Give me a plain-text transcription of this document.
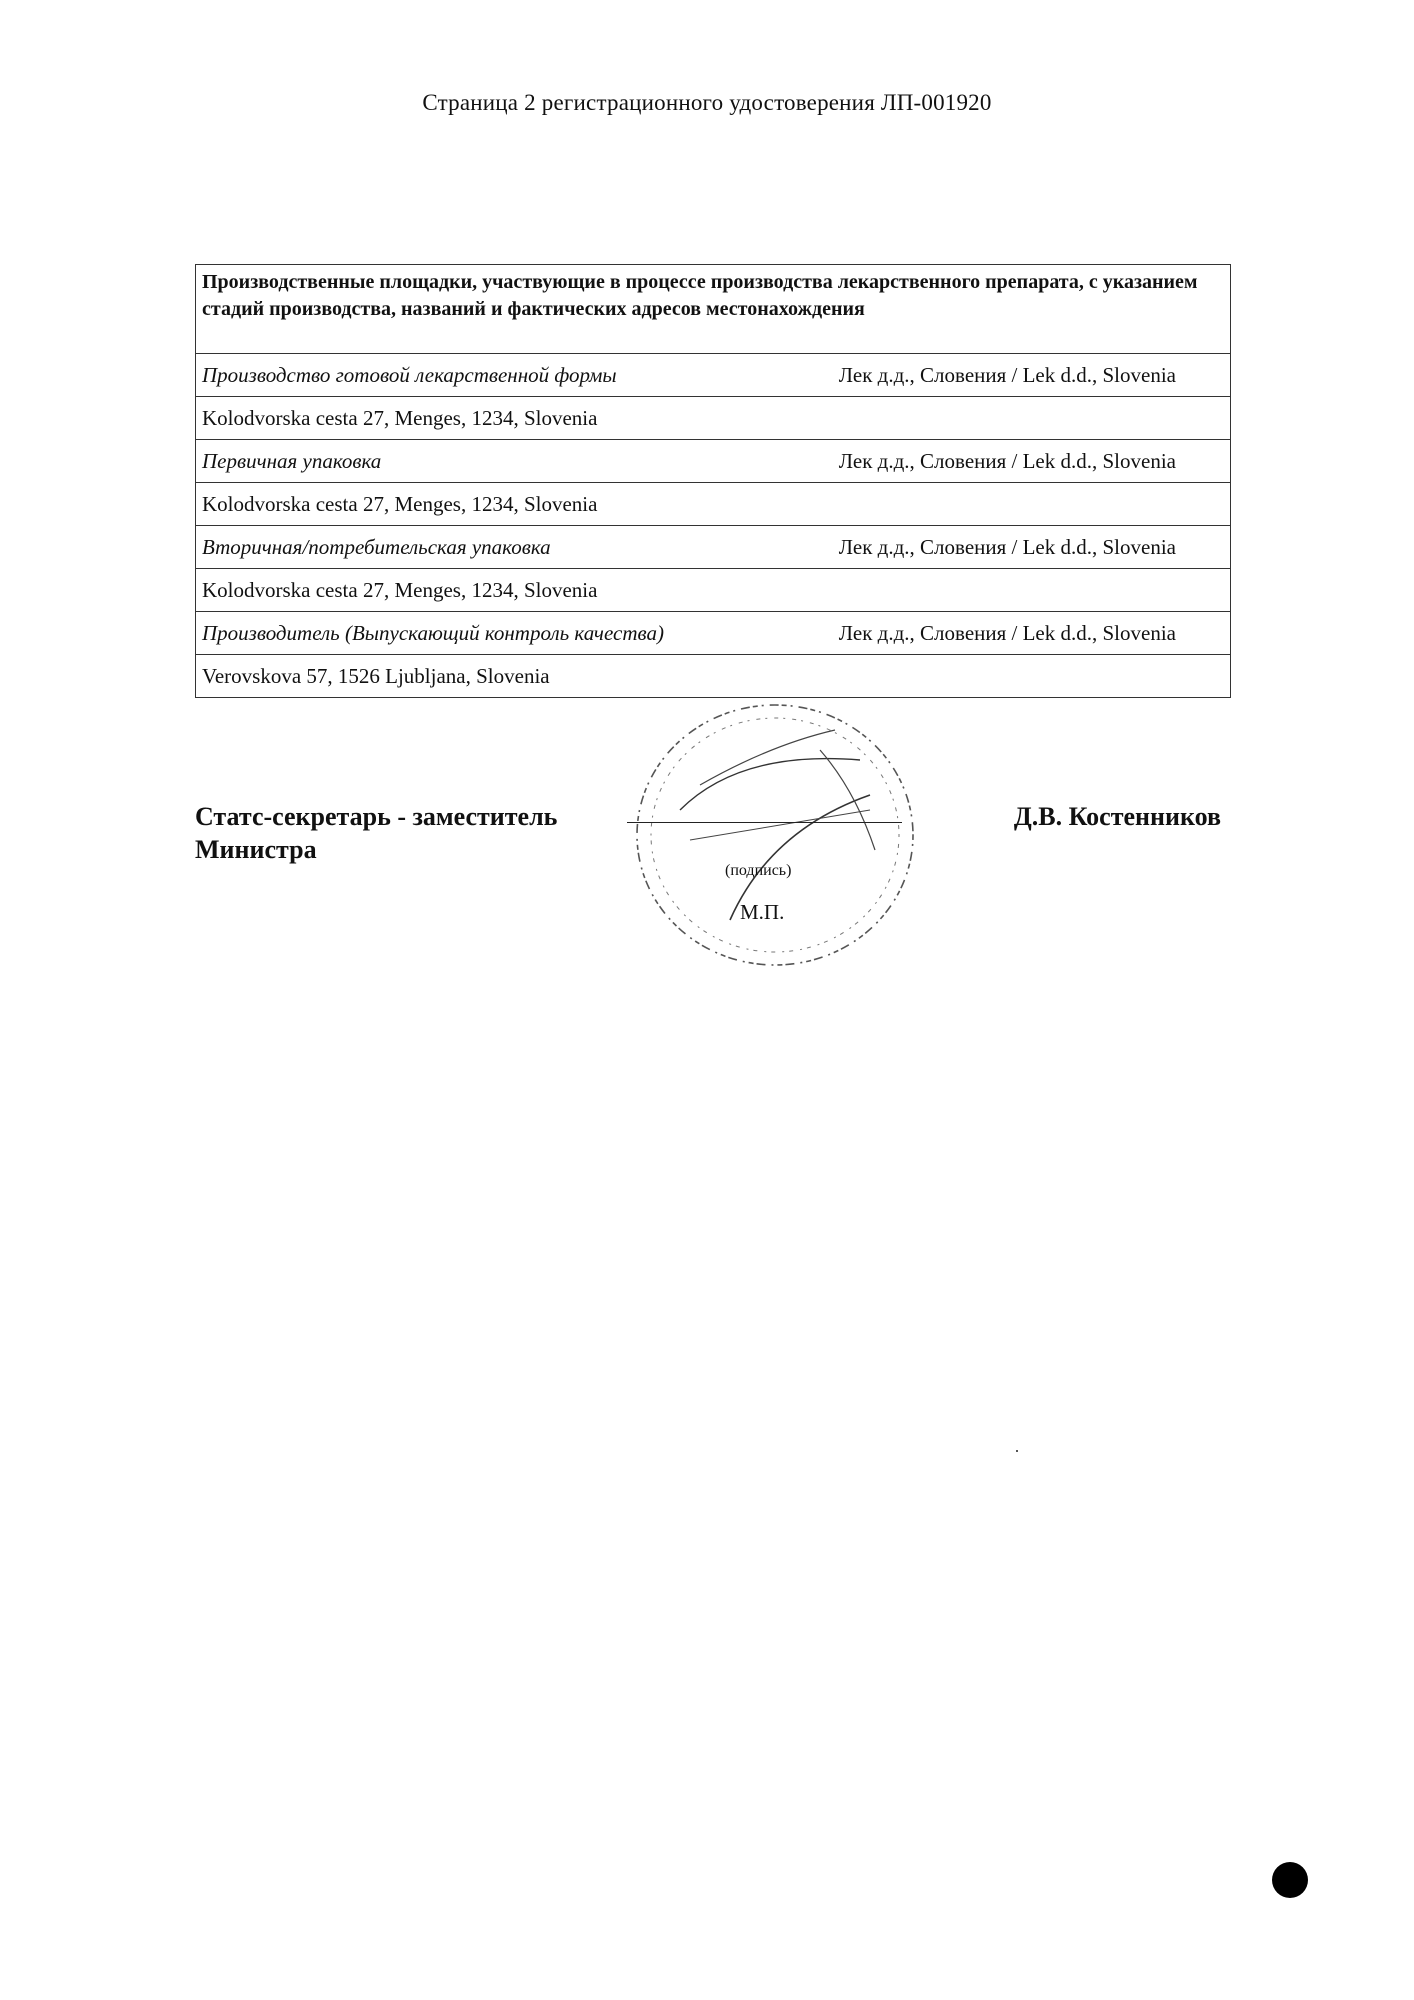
Страница 2 регистрационного удостоверения ЛП-001920
Производственные площадки, участвующие в процессе производства лекарственного препарата, с указанием стадий производства, названий и фактических адресов местонахождения

Производство готовой лекарственной формы	Лек д.д., Словения / Lek d.d., Slovenia

Kolodvorska cesta 27, Menges, 1234, Slovenia

Первичная упаковка	Лек д.д., Словения / Lek d.d., Slovenia

Kolodvorska cesta 27, Menges, 1234, Slovenia

Вторичная/потребительская упаковка	Лек д.д., Словения / Lek d.d., Slovenia

Kolodvorska cesta 27, Menges, 1234, Slovenia

Производитель (Выпускающий контроль качества)	Лек д.д., Словения / Lek d.d., Slovenia

Verovskova 57, 1526 Ljubljana, Slovenia
Статс-секретарь - заместитель
Министра
(подпись)
М.П.
Д.В. Костенников
